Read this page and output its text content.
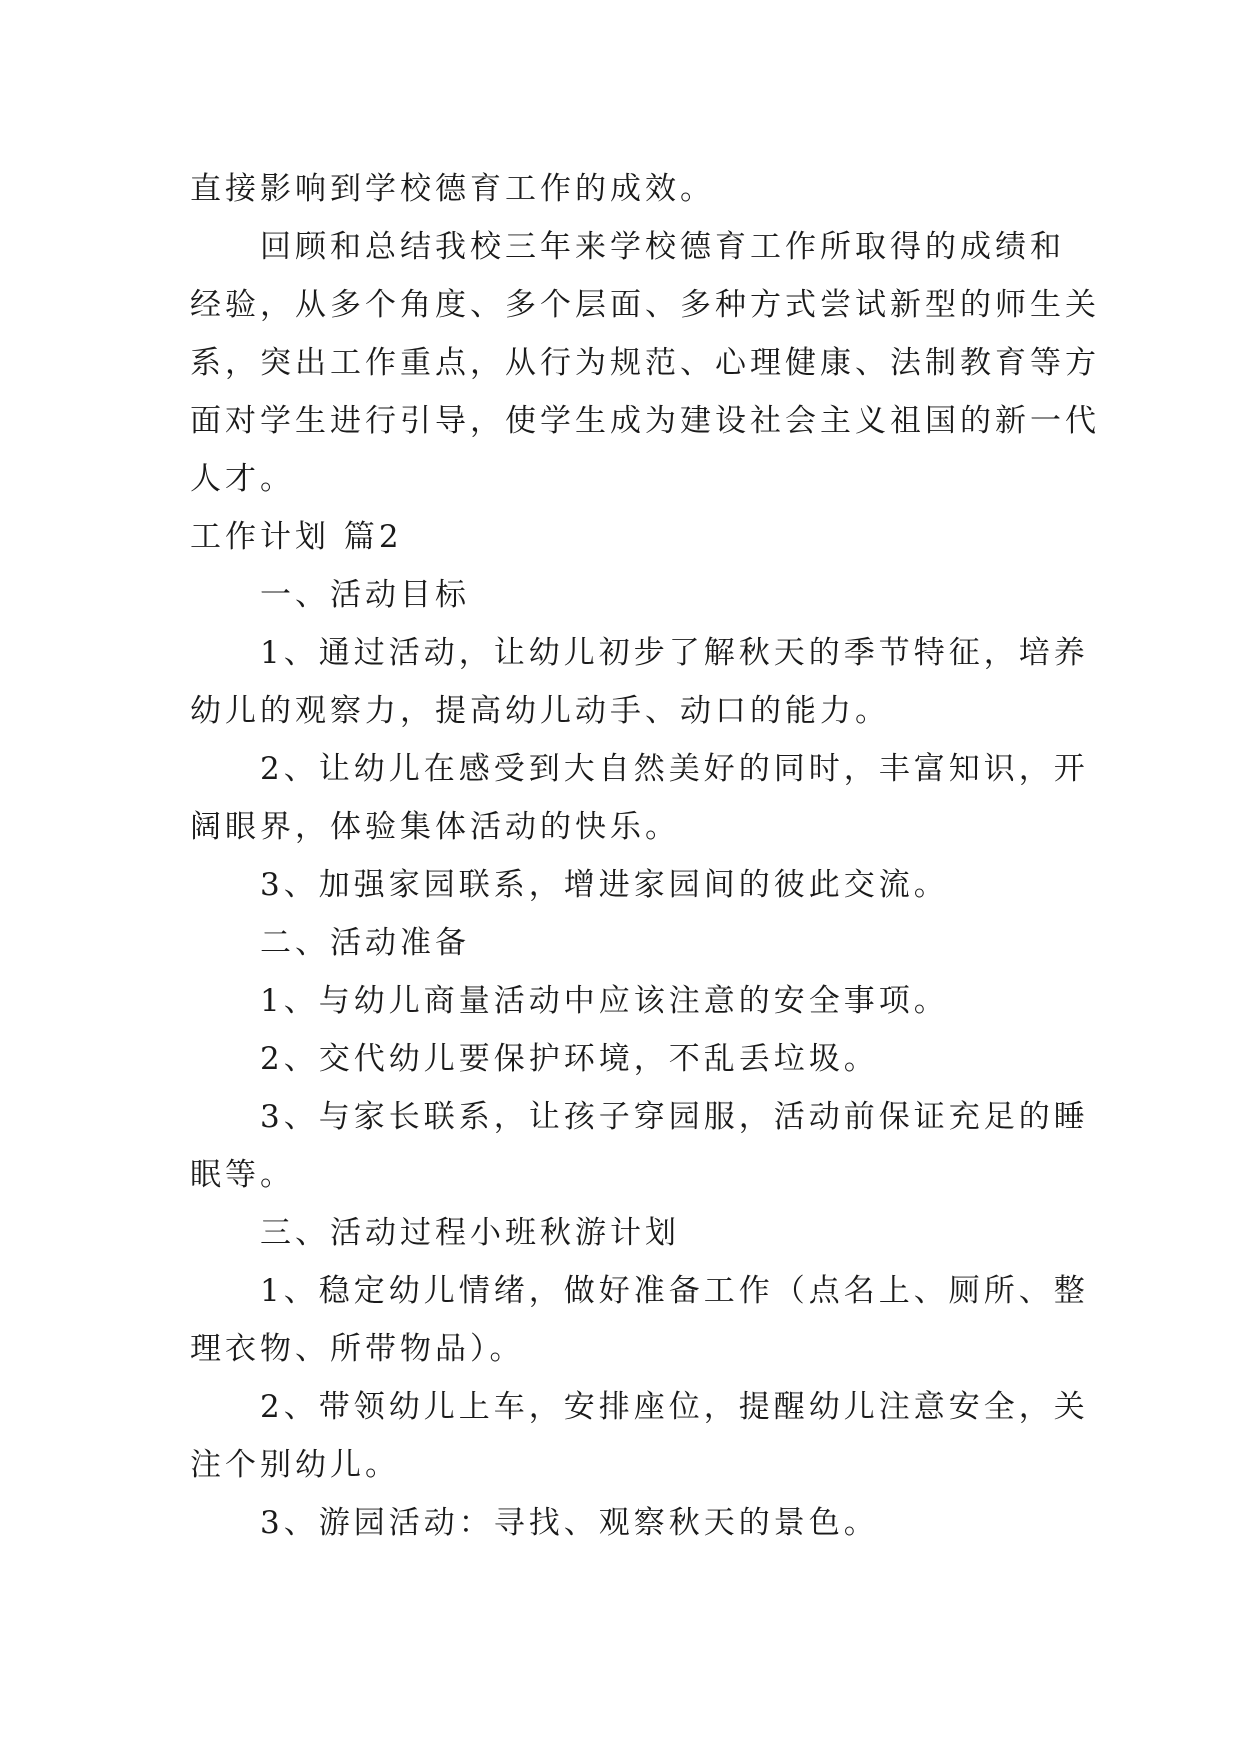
直接影响到学校德育工作的成效。
回顾和总结我校三年来学校德育工作所取得的成绩和
经验，从多个角度、多个层面、多种方式尝试新型的师生关
系，突出工作重点，从行为规范、心理健康、法制教育等方
面对学生进行引导，使学生成为建设社会主义祖国的新一代
人才。
工作计划 篇2
一、活动目标
1、通过活动，让幼儿初步了解秋天的季节特征，培养
幼儿的观察力，提高幼儿动手、动口的能力。
2、让幼儿在感受到大自然美好的同时，丰富知识，开
阔眼界，体验集体活动的快乐。
3、加强家园联系，增进家园间的彼此交流。
二、活动准备
1、与幼儿商量活动中应该注意的安全事项。
2、交代幼儿要保护环境，不乱丢垃圾。
3、与家长联系，让孩子穿园服，活动前保证充足的睡
眠等。
三、活动过程小班秋游计划
1、稳定幼儿情绪，做好准备工作（点名上、厕所、整
理衣物、所带物品）。
2、带领幼儿上车，安排座位，提醒幼儿注意安全，关
注个别幼儿。
3、游园活动：寻找、观察秋天的景色。
